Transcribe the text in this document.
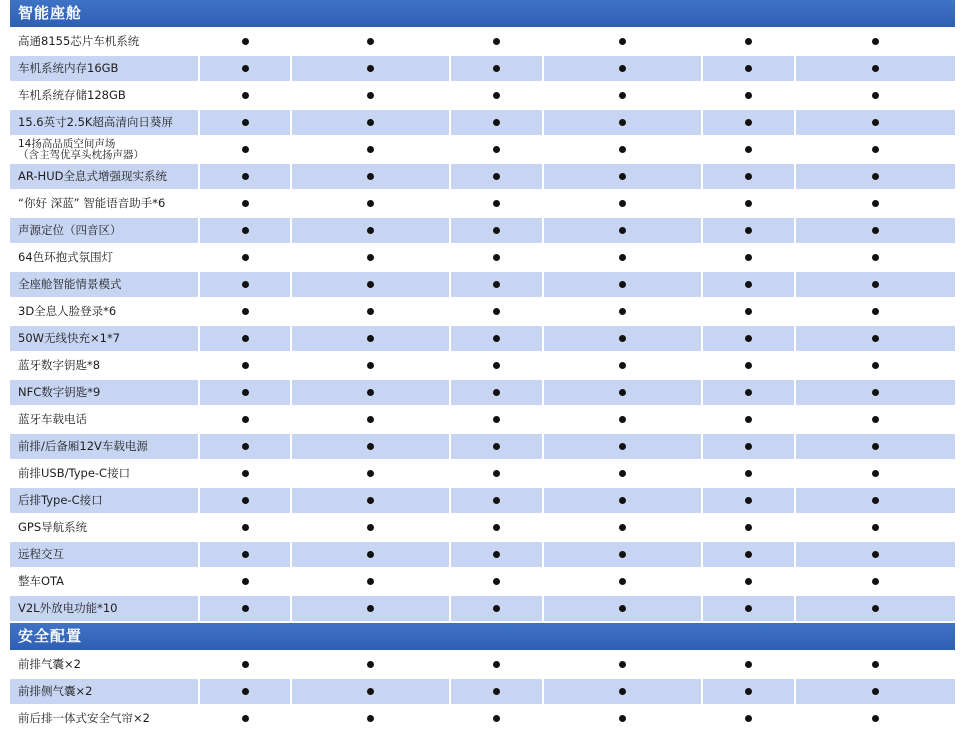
智能座舱
高通8155芯片车机系统
车机系统内存16GB
车机系统存储128GB
15.6英寸2.5K超高清向日葵屏
14扬高品质空间声场
（含主驾优享头枕扬声器）
AR-HUD全息式增强现实系统
“你好 深蓝” 智能语音助手*6
声源定位（四音区）
64色环抱式氛围灯
全座舱智能情景模式
3D全息人脸登录*6
50W无线快充×1*7
蓝牙数字钥匙*8
NFC数字钥匙*9
蓝牙车载电话
前排/后备厢12V车载电源
前排USB/Type-C接口
后排Type-C接口
GPS导航系统
远程交互
整车OTA
V2L外放电功能*10
安全配置
前排气囊×2
前排侧气囊×2
前后排一体式安全气帘×2
